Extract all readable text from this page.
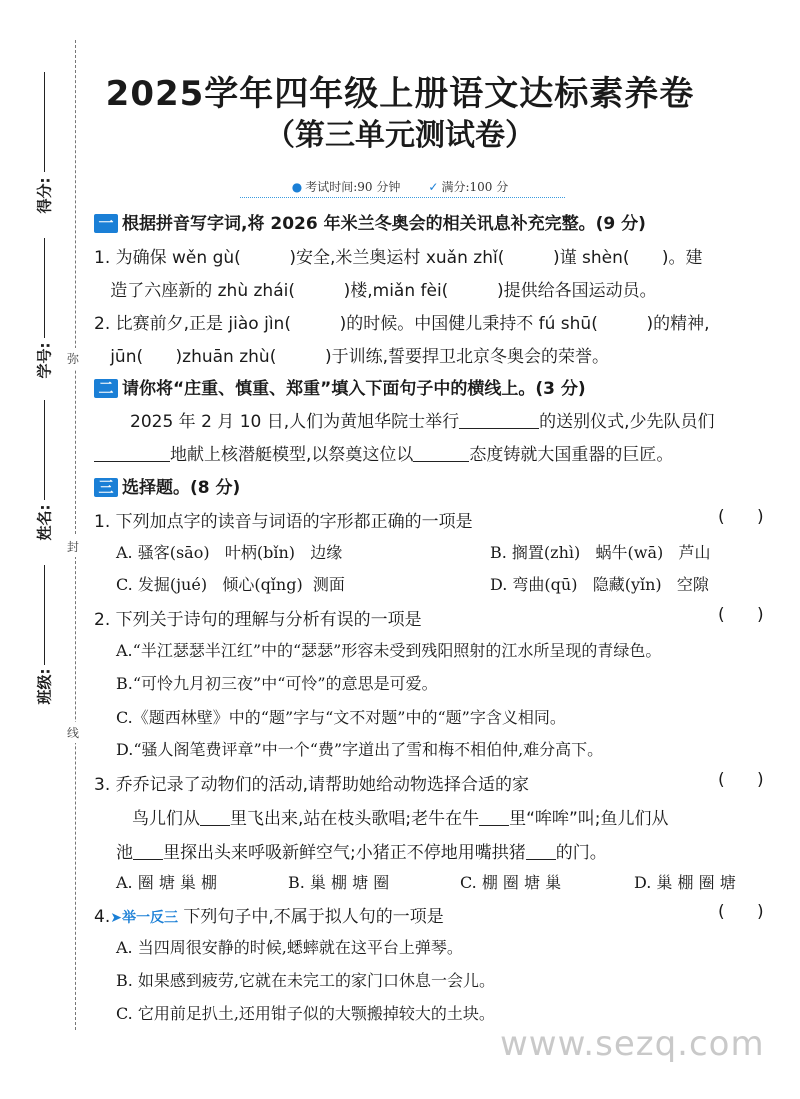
弥
封
线
得分:
学号:
姓名:
班级:
2025学年四年级上册语文达标素养卷
（第三单元测试卷）
● 考试时间:90 分钟 ✓ 满分:100 分
一 根据拼音写字词,将 2026 年米兰冬奥会的相关讯息补充完整。(9 分)
1. 为确保 wěn gù(         )安全,米兰奥运村 xuǎn zhǐ(         )谨 shèn(      )。建
造了六座新的 zhù zhái(         )楼,miǎn fèi(         )提供给各国运动员。
2. 比赛前夕,正是 jiào jìn(         )的时候。中国健儿秉持不 fú shū(         )的精神,
jūn(      )zhuān zhù(         )于训练,誓要捍卫北京冬奥会的荣誉。
二 请你将“庄重、慎重、郑重”填入下面句子中的横线上。(3 分)
2025 年 2 月 10 日,人们为黄旭华院士举行	的送别仪式,少先队员们
地献上核潜艇模型,以祭奠这位以	态度铸就大国重器的巨匠。
三 选择题。(8 分)
1. 下列加点字的读音与词语的字形都正确的一项是	(      )
A. 骚客(sāo)   叶柄(bǐn)   边缘	B. 搁置(zhì)   蜗牛(wā)   芦山
C. 发掘(jué)   倾心(qǐng)  测面	D. 弯曲(qū)   隐藏(yǐn)   空隙
2. 下列关于诗句的理解与分析有误的一项是	(      )
A.“半江瑟瑟半江红”中的“瑟瑟”形容未受到残阳照射的江水所呈现的青绿色。
B.“可怜九月初三夜”中“可怜”的意思是可爱。
C.《题西林壁》中的“题”字与“文不对题”中的“题”字含义相同。
D.“骚人阁笔费评章”中一个“费”字道出了雪和梅不相伯仲,难分高下。
3. 乔乔记录了动物们的活动,请帮助她给动物选择合适的家	(      )
鸟儿们从 里飞出来,站在枝头歌唱;老牛在牛 里“哞哞”叫;鱼儿们从
池 里探出头来呼吸新鲜空气;小猪正不停地用嘴拱猪 的门。
A. 圈 塘 巢 棚	B. 巢 棚 塘 圈	C. 棚 圈 塘 巢	D. 巢 棚 圈 塘
4.➤举一反三 下列句子中,不属于拟人句的一项是	(      )
A. 当四周很安静的时候,蟋蟀就在这平台上弹琴。
B. 如果感到疲劳,它就在未完工的家门口休息一会儿。
C. 它用前足扒土,还用钳子似的大颚搬掉较大的土块。
www.sezq.com
